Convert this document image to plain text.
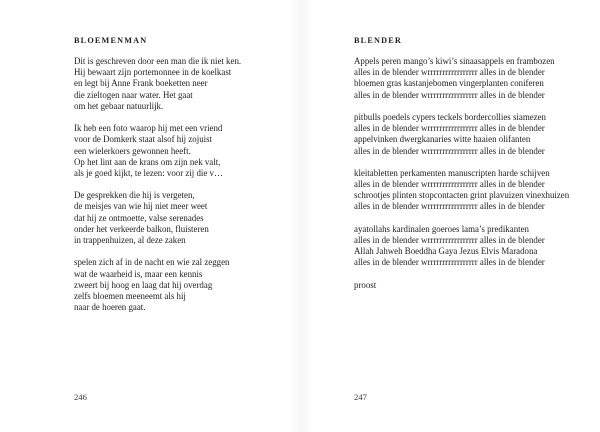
BLOEMENMAN
Dit is geschreven door een man die ik niet ken.
Hij bewaart zijn portemonnee in de koelkast
en legt bij Anne Frank boeketten neer
die zieltogen naar water. Het gaat
om het gebaar natuurlijk.
Ik heb een foto waarop hij met een vriend
voor de Domkerk staat alsof hij zojuist
een wielerkoers gewonnen heeft.
Op het lint aan de krans om zijn nek valt,
als je goed kijkt, te lezen: voor zij die v…
De gesprekken die hij is vergeten,
de meisjes van wie hij niet meer weet
dat hij ze ontmoette, valse serenades
onder het verkeerde balkon, fluisteren
in trappenhuizen, al deze zaken
spelen zich af in de nacht en wie zal zeggen
wat de waarheid is, maar een kennis
zweert bij hoog en laag dat hij overdag
zelfs bloemen meeneemt als hij
naar de hoeren gaat.
246
BLENDER
Appels peren mango’s kiwi’s sinaasappels en frambozen
alles in de blender wrrrrrrrrrrrrrrrrr alles in de blender
bloemen gras kastanjebomen vingerplanten coniferen
alles in de blender wrrrrrrrrrrrrrrrrr alles in de blender
pitbulls poedels cypers teckels bordercollies siamezen
alles in de blender wrrrrrrrrrrrrrrrrr alles in de blender
appelvinken dwergkanaries witte haaien olifanten
alles in de blender wrrrrrrrrrrrrrrrrr alles in de blender
kleitabletten perkamenten manuscripten harde schijven
alles in de blender wrrrrrrrrrrrrrrrrr alles in de blender
schrootjes plinten stopcontacten grint plavuizen vinexhuizen
alles in de blender wrrrrrrrrrrrrrrrrr alles in de blender
ayatollahs kardinalen goeroes lama’s predikanten
alles in de blender wrrrrrrrrrrrrrrrrr alles in de blender
Allah Jahweh Boeddha Gaya Jezus Elvis Maradona
alles in de blender wrrrrrrrrrrrrrrrrr alles in de blender
proost
247
